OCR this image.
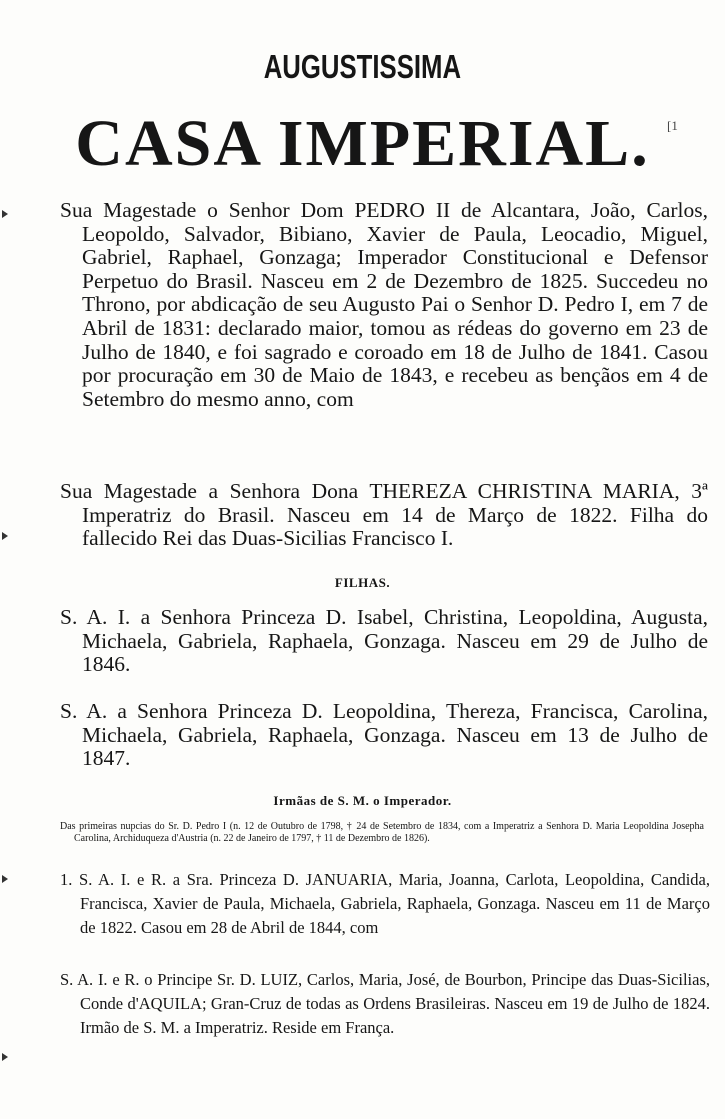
AUGUSTISSIMA
CASA IMPERIAL.	[1
Sua Magestade o Senhor Dom PEDRO II de Alcantara, João, Carlos, Leopoldo, Salvador, Bibiano, Xavier de Paula, Leocadio, Miguel, Gabriel, Raphael, Gonzaga; Imperador Constitucional e Defensor Perpetuo do Brasil. Nasceu em 2 de Dezembro de 1825. Succedeu no Throno, por abdicação de seu Augusto Pai o Senhor D. Pedro I, em 7 de Abril de 1831: declarado maior, tomou as rédeas do governo em 23 de Julho de 1840, e foi sagrado e coroado em 18 de Julho de 1841. Casou por procuração em 30 de Maio de 1843, e recebeu as bençãos em 4 de Setembro do mesmo anno, com
Sua Magestade a Senhora Dona THEREZA CHRISTINA MARIA, 3ª Imperatriz do Brasil. Nasceu em 14 de Março de 1822. Filha do fallecido Rei das Duas-Sicilias Francisco I.
FILHAS.
S. A. I. a Senhora Princeza D. Isabel, Christina, Leopoldina, Augusta, Michaela, Gabriela, Raphaela, Gonzaga. Nasceu em 29 de Julho de 1846.
S. A. a Senhora Princeza D. Leopoldina, Thereza, Francisca, Carolina, Michaela, Gabriela, Raphaela, Gonzaga. Nasceu em 13 de Julho de 1847.
Irmãas de S. M. o Imperador.
Das primeiras nupcias do Sr. D. Pedro I (n. 12 de Outubro de 1798, † 24 de Setembro de 1834, com a Imperatriz a Senhora D. Maria Leopoldina Josepha Carolina, Archiduqueza d'Austria (n. 22 de Janeiro de 1797, † 11 de Dezembro de 1826).
1. S. A. I. e R. a Sra. Princeza D. JANUARIA, Maria, Joanna, Carlota, Leopoldina, Candida, Francisca, Xavier de Paula, Michaela, Gabriela, Raphaela, Gonzaga. Nasceu em 11 de Março de 1822. Casou em 28 de Abril de 1844, com
S. A. I. e R. o Principe Sr. D. LUIZ, Carlos, Maria, José, de Bourbon, Principe das Duas-Sicilias, Conde d'AQUILA; Gran-Cruz de todas as Ordens Brasileiras. Nasceu em 19 de Julho de 1824. Irmão de S. M. a Imperatriz. Reside em França.
